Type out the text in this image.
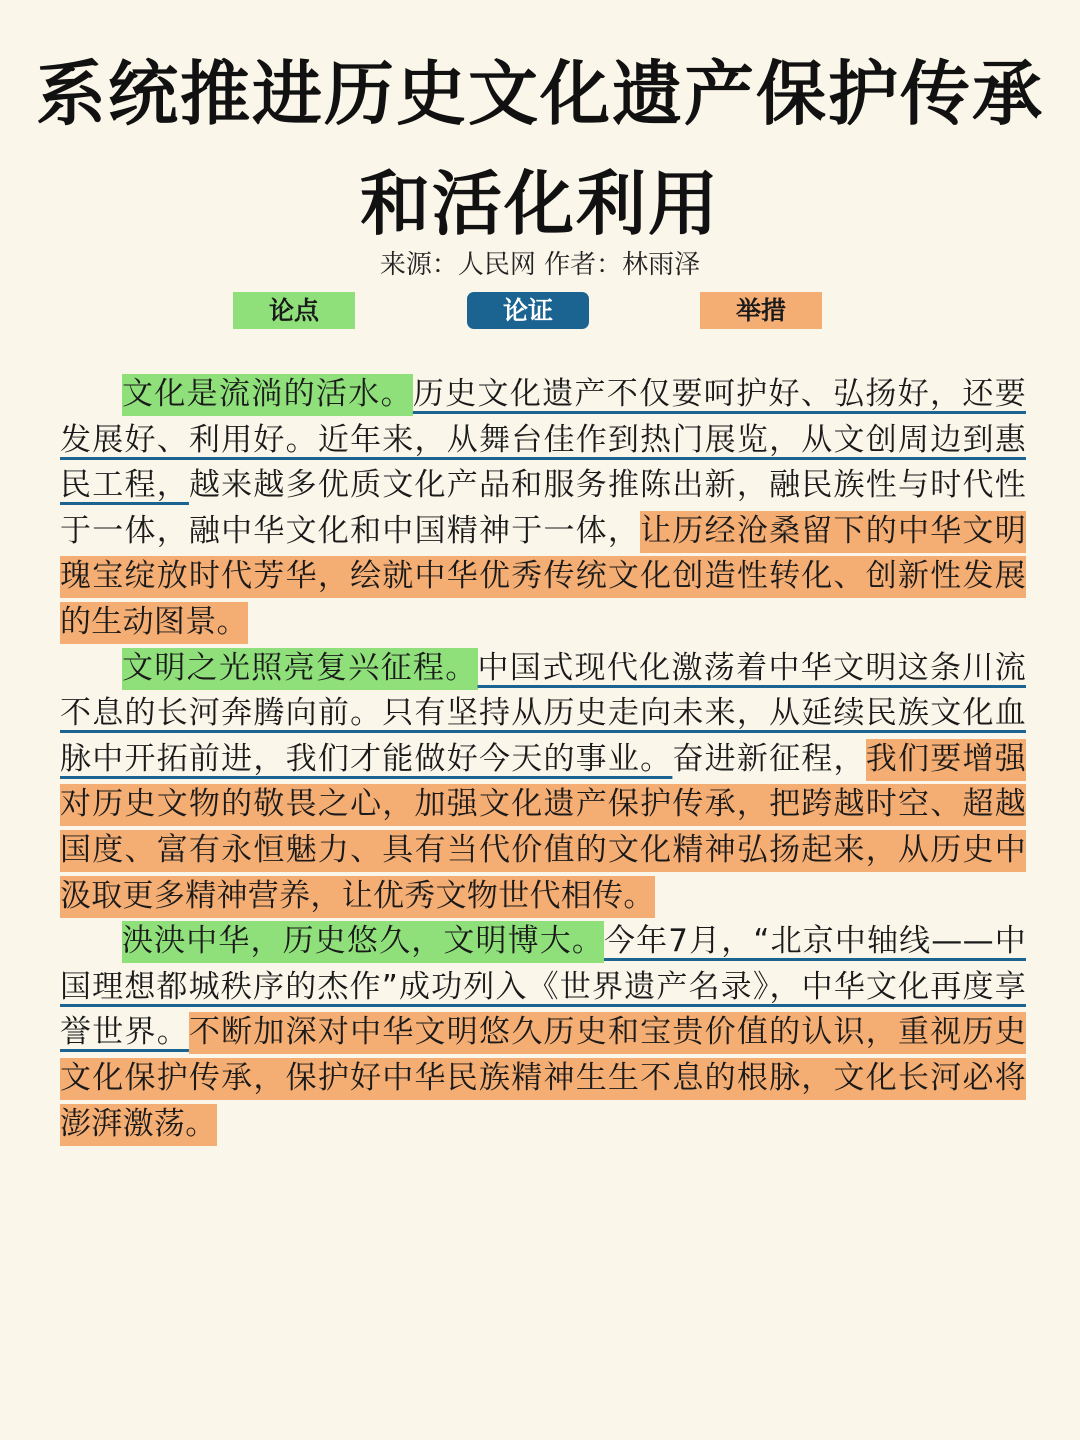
系统推进历史文化遗产保护传承
和活化利用
来源：人民网 作者：林雨泽
论点	论证	举措

文化是流淌的活水。历史文化遗产不仅要呵护好、弘扬好，还要发展好、利用好。近年来，从舞台佳作到热门展览，从文创周边到惠民工程，越来越多优质文化产品和服务推陈出新，融民族性与时代性于一体，融中华文化和中国精神于一体，让历经沧桑留下的中华文明瑰宝绽放时代芳华，绘就中华优秀传统文化创造性转化、创新性发展的生动图景。

文明之光照亮复兴征程。中国式现代化激荡着中华文明这条川流不息的长河奔腾向前。只有坚持从历史走向未来，从延续民族文化血脉中开拓前进，我们才能做好今天的事业。奋进新征程，我们要增强对历史文物的敬畏之心，加强文化遗产保护传承，把跨越时空、超越国度、富有永恒魅力、具有当代价值的文化精神弘扬起来，从历史中汲取更多精神营养，让优秀文物世代相传。

泱泱中华，历史悠久，文明博大。今年7月，“北京中轴线——中国理想都城秩序的杰作”成功列入《世界遗产名录》，中华文化再度享誉世界。不断加深对中华文明悠久历史和宝贵价值的认识，重视历史文化保护传承，保护好中华民族精神生生不息的根脉，文化长河必将澎湃激荡。
